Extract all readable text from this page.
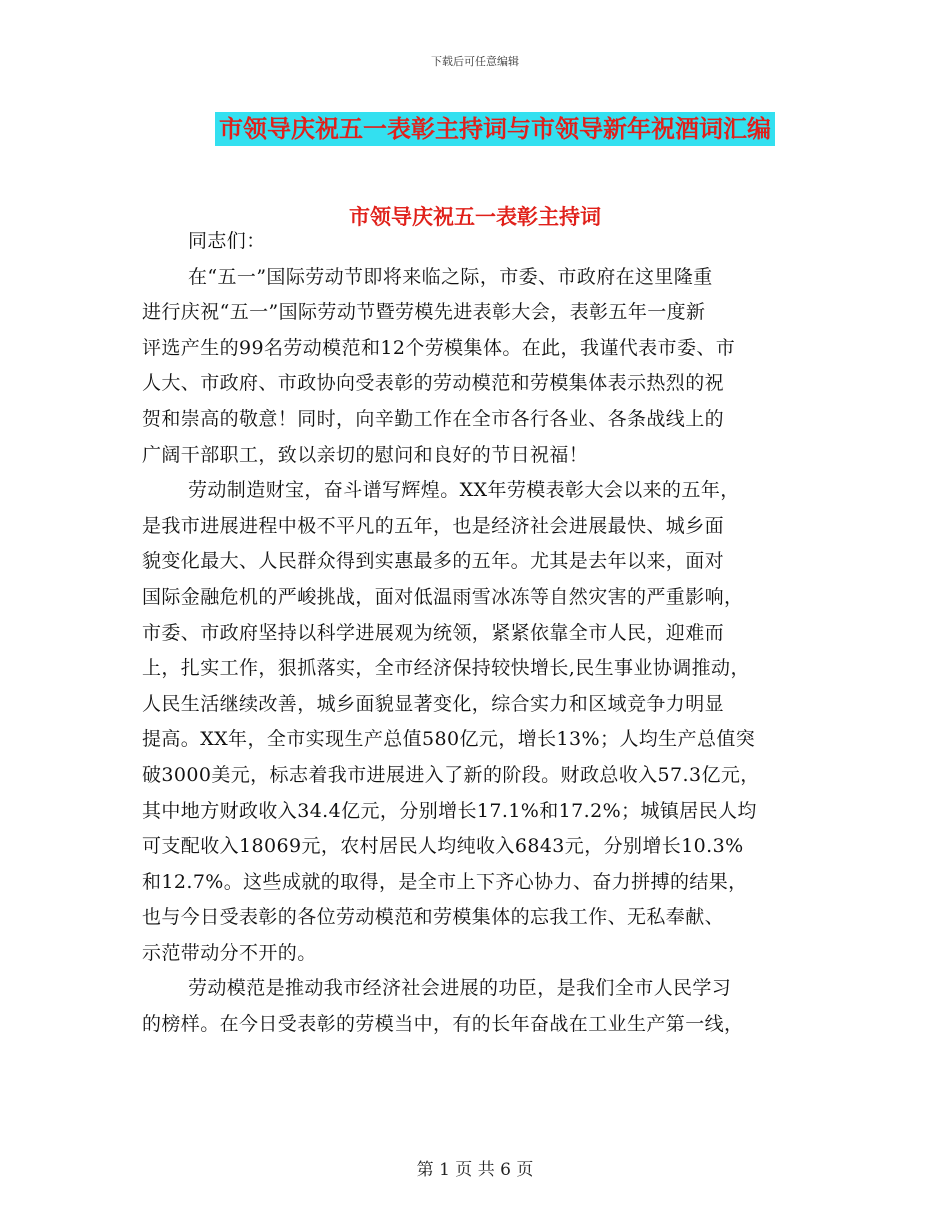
下载后可任意编辑
市领导庆祝五一表彰主持词与市领导新年祝酒词汇编
市领导庆祝五一表彰主持词

同志们：

在“五一”国际劳动节即将来临之际，市委、市政府在这里隆重
进行庆祝“五一”国际劳动节暨劳模先进表彰大会，表彰五年一度新
评选产生的99名劳动模范和12个劳模集体。在此，我谨代表市委、市
人大、市政府、市政协向受表彰的劳动模范和劳模集体表示热烈的祝
贺和崇高的敬意！同时，向辛勤工作在全市各行各业、各条战线上的
广阔干部职工，致以亲切的慰问和良好的节日祝福！

劳动制造财宝，奋斗谱写辉煌。XX年劳模表彰大会以来的五年，
是我市进展进程中极不平凡的五年，也是经济社会进展最快、城乡面
貌变化最大、人民群众得到实惠最多的五年。尤其是去年以来，面对
国际金融危机的严峻挑战，面对低温雨雪冰冻等自然灾害的严重影响，
市委、市政府坚持以科学进展观为统领，紧紧依靠全市人民，迎难而
上，扎实工作，狠抓落实，全市经济保持较快增长,民生事业协调推动，
人民生活继续改善，城乡面貌显著变化，综合实力和区域竞争力明显
提高。XX年，全市实现生产总值580亿元，增长13%；人均生产总值突
破3000美元，标志着我市进展进入了新的阶段。财政总收入57.3亿元，
其中地方财政收入34.4亿元，分别增长17.1%和17.2%；城镇居民人均
可支配收入18069元，农村居民人均纯收入6843元，分别增长10.3%
和12.7%。这些成就的取得，是全市上下齐心协力、奋力拼搏的结果，
也与今日受表彰的各位劳动模范和劳模集体的忘我工作、无私奉献、
示范带动分不开的。

劳动模范是推动我市经济社会进展的功臣，是我们全市人民学习
的榜样。在今日受表彰的劳模当中，有的长年奋战在工业生产第一线，

第 1 页 共 6 页
